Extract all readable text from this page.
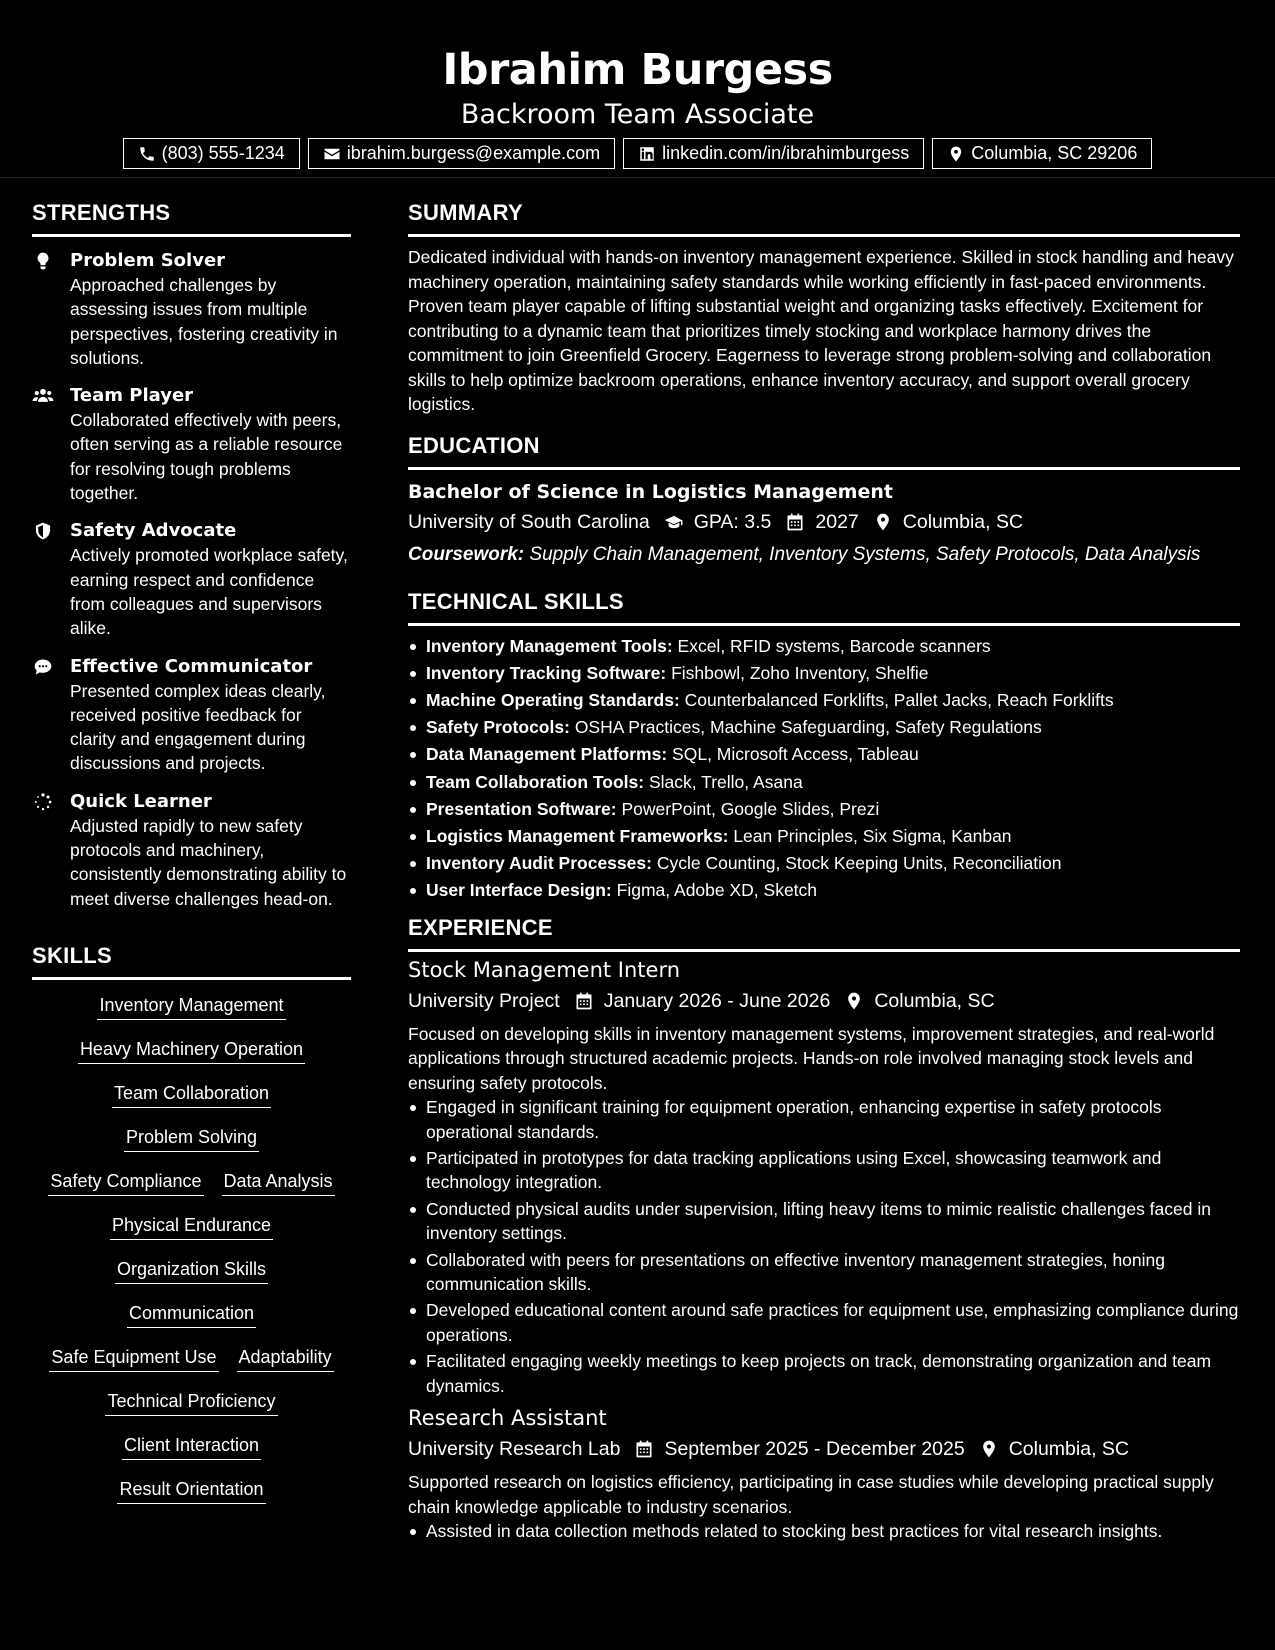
Ibrahim Burgess
Backroom Team Associate
(803) 555-1234	ibrahim.burgess@example.com	linkedin.com/in/ibrahimburgess	Columbia, SC 29206
STRENGTHS
Problem Solver
Approached challenges by assessing issues from multiple perspectives, fostering creativity in solutions.
Team Player
Collaborated effectively with peers, often serving as a reliable resource for resolving tough problems together.
Safety Advocate
Actively promoted workplace safety, earning respect and confidence from colleagues and supervisors alike.
Effective Communicator
Presented complex ideas clearly, received positive feedback for clarity and engagement during discussions and projects.
Quick Learner
Adjusted rapidly to new safety protocols and machinery, consistently demonstrating ability to meet diverse challenges head-on.
SKILLS
Inventory Management
Heavy Machinery Operation
Team Collaboration
Problem Solving
Safety Compliance Data Analysis
Physical Endurance
Organization Skills
Communication
Safe Equipment Use Adaptability
Technical Proficiency
Client Interaction
Result Orientation
SUMMARY
Dedicated individual with hands-on inventory management experience. Skilled in stock handling and heavy machinery operation, maintaining safety standards while working efficiently in fast-paced environments. Proven team player capable of lifting substantial weight and organizing tasks effectively. Excitement for contributing to a dynamic team that prioritizes timely stocking and workplace harmony drives the commitment to join Greenfield Grocery. Eagerness to leverage strong problem-solving and collaboration skills to help optimize backroom operations, enhance inventory accuracy, and support overall grocery logistics.
EDUCATION
Bachelor of Science in Logistics Management
University of South Carolina GPA: 3.5 2027 Columbia, SC
Coursework: Supply Chain Management, Inventory Systems, Safety Protocols, Data Analysis
TECHNICAL SKILLS
Inventory Management Tools: Excel, RFID systems, Barcode scanners
Inventory Tracking Software: Fishbowl, Zoho Inventory, Shelfie
Machine Operating Standards: Counterbalanced Forklifts, Pallet Jacks, Reach Forklifts
Safety Protocols: OSHA Practices, Machine Safeguarding, Safety Regulations
Data Management Platforms: SQL, Microsoft Access, Tableau
Team Collaboration Tools: Slack, Trello, Asana
Presentation Software: PowerPoint, Google Slides, Prezi
Logistics Management Frameworks: Lean Principles, Six Sigma, Kanban
Inventory Audit Processes: Cycle Counting, Stock Keeping Units, Reconciliation
User Interface Design: Figma, Adobe XD, Sketch
EXPERIENCE
Stock Management Intern
University Project January 2026 - June 2026 Columbia, SC
Focused on developing skills in inventory management systems, improvement strategies, and real-world applications through structured academic projects. Hands-on role involved managing stock levels and ensuring safety protocols.
Engaged in significant training for equipment operation, enhancing expertise in safety protocols operational standards.
Participated in prototypes for data tracking applications using Excel, showcasing teamwork and technology integration.
Conducted physical audits under supervision, lifting heavy items to mimic realistic challenges faced in inventory settings.
Collaborated with peers for presentations on effective inventory management strategies, honing communication skills.
Developed educational content around safe practices for equipment use, emphasizing compliance during operations.
Facilitated engaging weekly meetings to keep projects on track, demonstrating organization and team dynamics.
Research Assistant
University Research Lab September 2025 - December 2025 Columbia, SC
Supported research on logistics efficiency, participating in case studies while developing practical supply chain knowledge applicable to industry scenarios.
Assisted in data collection methods related to stocking best practices for vital research insights.
